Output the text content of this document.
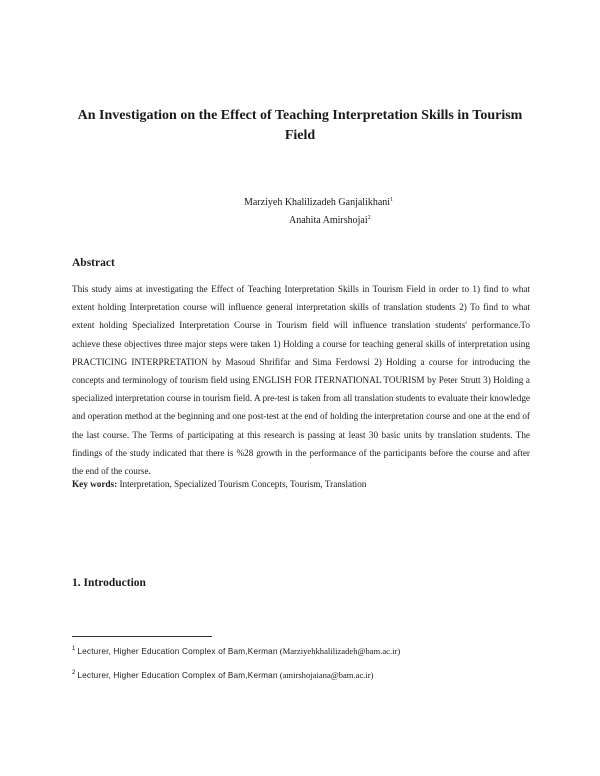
An Investigation on the Effect of Teaching Interpretation Skills in Tourism Field
Marziyeh Khalilizadeh Ganjalikhani$^1$
Anahita Amirshojai$^2$
Abstract
This study aims at investigating the Effect of Teaching Interpretation Skills in Tourism Field in order to 1) find to what extent holding Interpretation course will influence general interpretation skills of translation students 2) To find to what extent holding Specialized Interpretation Course in Tourism field will influence translation students' performance.To achieve these objectives three major steps were taken 1) Holding a course for teaching general skills of interpretation using PRACTICING INTERPRETATION by Masoud Shrififar and Sima Ferdowsi 2) Holding a course for introducing the concepts and terminology of tourism field using ENGLISH FOR ITERNATIONAL TOURISM by Peter Strutt 3) Holding a specialized interpretation course in tourism field. A pre-test is taken from all translation students to evaluate their knowledge and operation method at the beginning and one post-test at the end of holding the interpretation course and one at the end of the last course. The Terms of participating at this research is passing at least 30 basic units by translation students. The findings of the study indicated that there is %28 growth in the performance of the participants before the course and after the end of the course.
Key words: Interpretation, Specialized Tourism Concepts, Tourism, Translation
1. Introduction
$^1$ Lecturer, Higher Education Complex of Bam,Kerman (Marziyehkhalilizadeh@bam.ac.ir)
$^2$ Lecturer, Higher Education Complex of Bam,Kerman (amirshojaiana@bam.ac.ir)
